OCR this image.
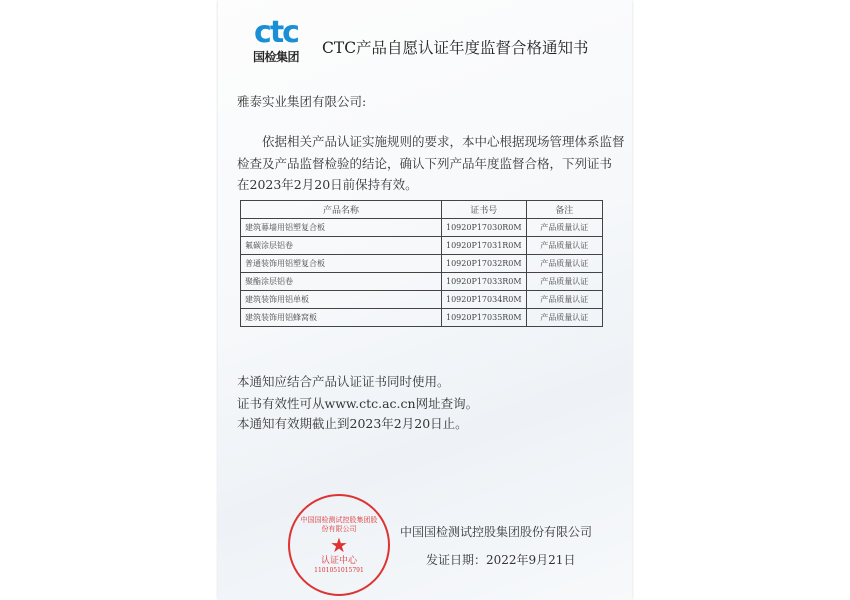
ctc
国检集团 CTC产品自愿认证年度监督合格通知书
雅泰实业集团有限公司:
依据相关产品认证实施规则的要求，本中心根据现场管理体系监督
检查及产品监督检验的结论，确认下列产品年度监督合格，下列证书
在2023年2月20日前保持有效。
产品名称	证书号	备注
建筑幕墙用铝塑复合板	10920P17030R0M	产品质量认证
氟碳涂层铝卷	10920P17031R0M	产品质量认证
普通装饰用铝塑复合板	10920P17032R0M	产品质量认证
聚酯涂层铝卷	10920P17033R0M	产品质量认证
建筑装饰用铝单板	10920P17034R0M	产品质量认证
建筑装饰用铝蜂窝板	10920P17035R0M	产品质量认证
本通知应结合产品认证证书同时使用。
证书有效性可从www.ctc.ac.cn网址查询。
本通知有效期截止到2023年2月20日止。
中国国检测试控股集团股份有限公司
发证日期：2022年9月21日
中国国检测试控股集团股份有限公司
★
认证中心
1101051015791
